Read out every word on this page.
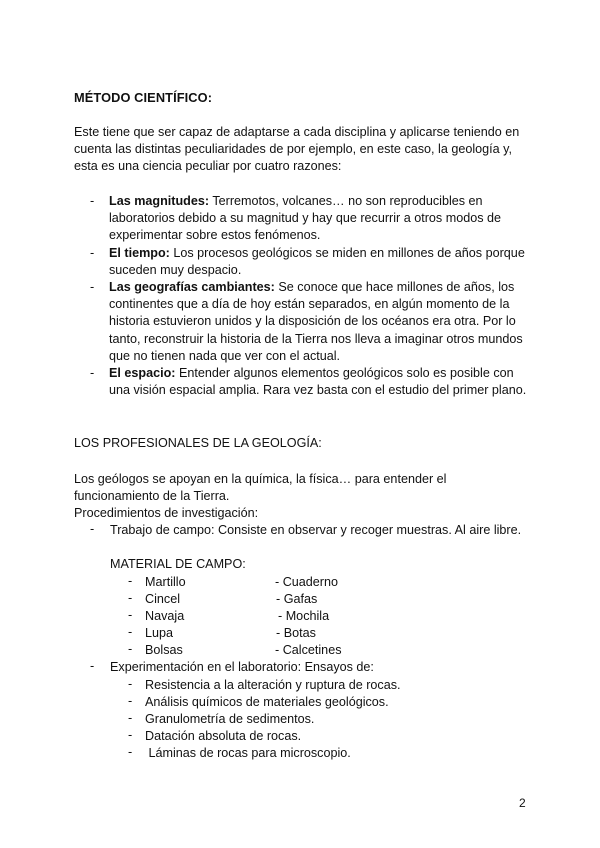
MÉTODO CIENTÍFICO:
Este tiene que ser capaz de adaptarse a cada disciplina y aplicarse teniendo en cuenta las distintas peculiaridades de por ejemplo, en este caso, la geología y, esta es una ciencia peculiar por cuatro razones:
- Las magnitudes: Terremotos, volcanes… no son reproducibles en laboratorios debido a su magnitud y hay que recurrir a otros modos de experimentar sobre estos fenómenos.
- El tiempo: Los procesos geológicos se miden en millones de años porque suceden muy despacio.
- Las geografías cambiantes: Se conoce que hace millones de años, los continentes que a día de hoy están separados, en algún momento de la historia estuvieron unidos y la disposición de los océanos era otra. Por lo tanto, reconstruir la historia de la Tierra nos lleva a imaginar otros mundos que no tienen nada que ver con el actual.
- El espacio: Entender algunos elementos geológicos solo es posible con una visión espacial amplia. Rara vez basta con el estudio del primer plano.
LOS PROFESIONALES DE LA GEOLOGÍA:
Los geólogos se apoyan en la química, la física… para entender el funcionamiento de la Tierra.
Procedimientos de investigación:
- Trabajo de campo: Consiste en observar y recoger muestras. Al aire libre.
MATERIAL DE CAMPO:
- Martillo	- Cuaderno
- Cincel	- Gafas
- Navaja	- Mochila
- Lupa	- Botas
- Bolsas	- Calcetines
- Experimentación en el laboratorio: Ensayos de:
- Resistencia a la alteración y ruptura de rocas.
- Análisis químicos de materiales geológicos.
- Granulometría de sedimentos.
- Datación absoluta de rocas.
- Láminas de rocas para microscopio.
2
